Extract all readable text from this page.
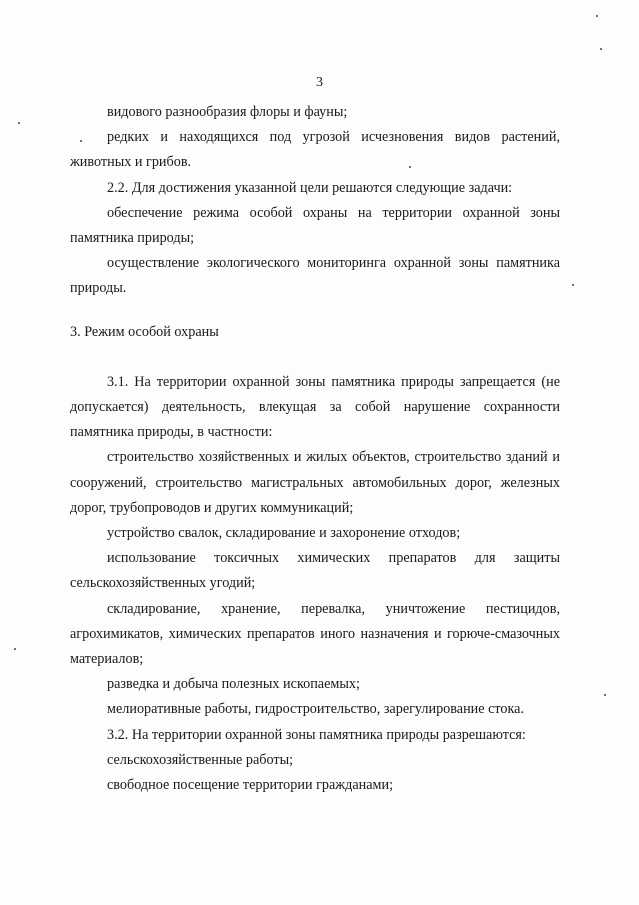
3

видового разнообразия флоры и фауны;

редких и находящихся под угрозой исчезновения видов растений, животных и грибов.

2.2. Для достижения указанной цели решаются следующие задачи:

обеспечение режима особой охраны на территории охранной зоны памятника природы;

осуществление экологического мониторинга охранной зоны памятника природы.

3. Режим особой охраны

3.1. На территории охранной зоны памятника природы запрещается (не допускается) деятельность, влекущая за собой нарушение сохранности памятника природы, в частности:

строительство хозяйственных и жилых объектов, строительство зданий и сооружений, строительство магистральных автомобильных дорог, железных дорог, трубопроводов и других коммуникаций;

устройство свалок, складирование и захоронение отходов;

использование токсичных химических препаратов для защиты сельскохозяйственных угодий;

складирование, хранение, перевалка, уничтожение пестицидов, агрохимикатов, химических препаратов иного назначения и горюче-смазочных материалов;

разведка и добыча полезных ископаемых;

мелиоративные работы, гидростроительство, зарегулирование стока.

3.2. На территории охранной зоны памятника природы разрешаются:

сельскохозяйственные работы;

свободное посещение территории гражданами;
